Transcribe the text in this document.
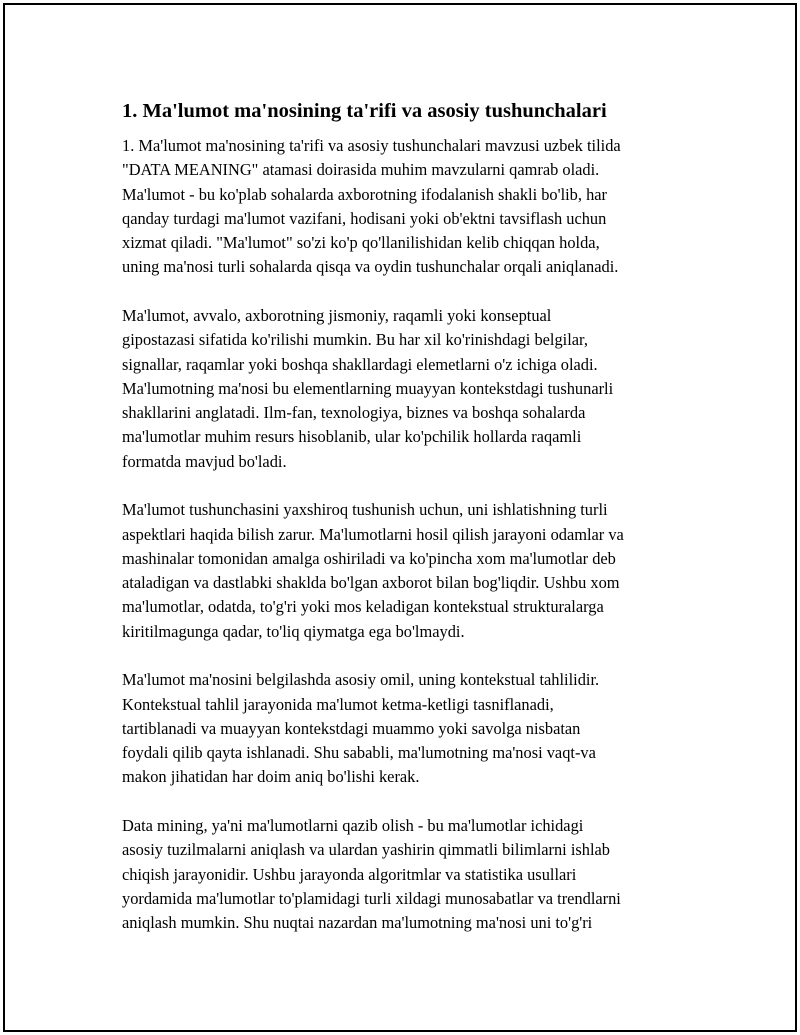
1. Ma'lumot ma'nosining ta'rifi va asosiy tushunchalari

1. Ma'lumot ma'nosining ta'rifi va asosiy tushunchalari mavzusi uzbek tilida
"DATA MEANING" atamasi doirasida muhim mavzularni qamrab oladi.
Ma'lumot - bu ko'plab sohalarda axborotning ifodalanish shakli bo'lib, har
qanday turdagi ma'lumot vazifani, hodisani yoki ob'ektni tavsiflash uchun
xizmat qiladi. "Ma'lumot" so'zi ko'p qo'llanilishidan kelib chiqqan holda,
uning ma'nosi turli sohalarda qisqa va oydin tushunchalar orqali aniqlanadi.

Ma'lumot, avvalo, axborotning jismoniy, raqamli yoki konseptual
gipostazasi sifatida ko'rilishi mumkin. Bu har xil ko'rinishdagi belgilar,
signallar, raqamlar yoki boshqa shakllardagi elemetlarni o'z ichiga oladi.
Ma'lumotning ma'nosi bu elementlarning muayyan kontekstdagi tushunarli
shakllarini anglatadi. Ilm-fan, texnologiya, biznes va boshqa sohalarda
ma'lumotlar muhim resurs hisoblanib, ular ko'pchilik hollarda raqamli
formatda mavjud bo'ladi.

Ma'lumot tushunchasini yaxshiroq tushunish uchun, uni ishlatishning turli
aspektlari haqida bilish zarur. Ma'lumotlarni hosil qilish jarayoni odamlar va
mashinalar tomonidan amalga oshiriladi va ko'pincha xom ma'lumotlar deb
ataladigan va dastlabki shaklda bo'lgan axborot bilan bog'liqdir. Ushbu xom
ma'lumotlar, odatda, to'g'ri yoki mos keladigan kontekstual strukturalarga
kiritilmagunga qadar, to'liq qiymatga ega bo'lmaydi.

Ma'lumot ma'nosini belgilashda asosiy omil, uning kontekstual tahlilidir.
Kontekstual tahlil jarayonida ma'lumot ketma-ketligi tasniflanadi,
tartiblanadi va muayyan kontekstdagi muammo yoki savolga nisbatan
foydali qilib qayta ishlanadi. Shu sababli, ma'lumotning ma'nosi vaqt-va
makon jihatidan har doim aniq bo'lishi kerak.

Data mining, ya'ni ma'lumotlarni qazib olish - bu ma'lumotlar ichidagi
asosiy tuzilmalarni aniqlash va ulardan yashirin qimmatli bilimlarni ishlab
chiqish jarayonidir. Ushbu jarayonda algoritmlar va statistika usullari
yordamida ma'lumotlar to'plamidagi turli xildagi munosabatlar va trendlarni
aniqlash mumkin. Shu nuqtai nazardan ma'lumotning ma'nosi uni to'g'ri
